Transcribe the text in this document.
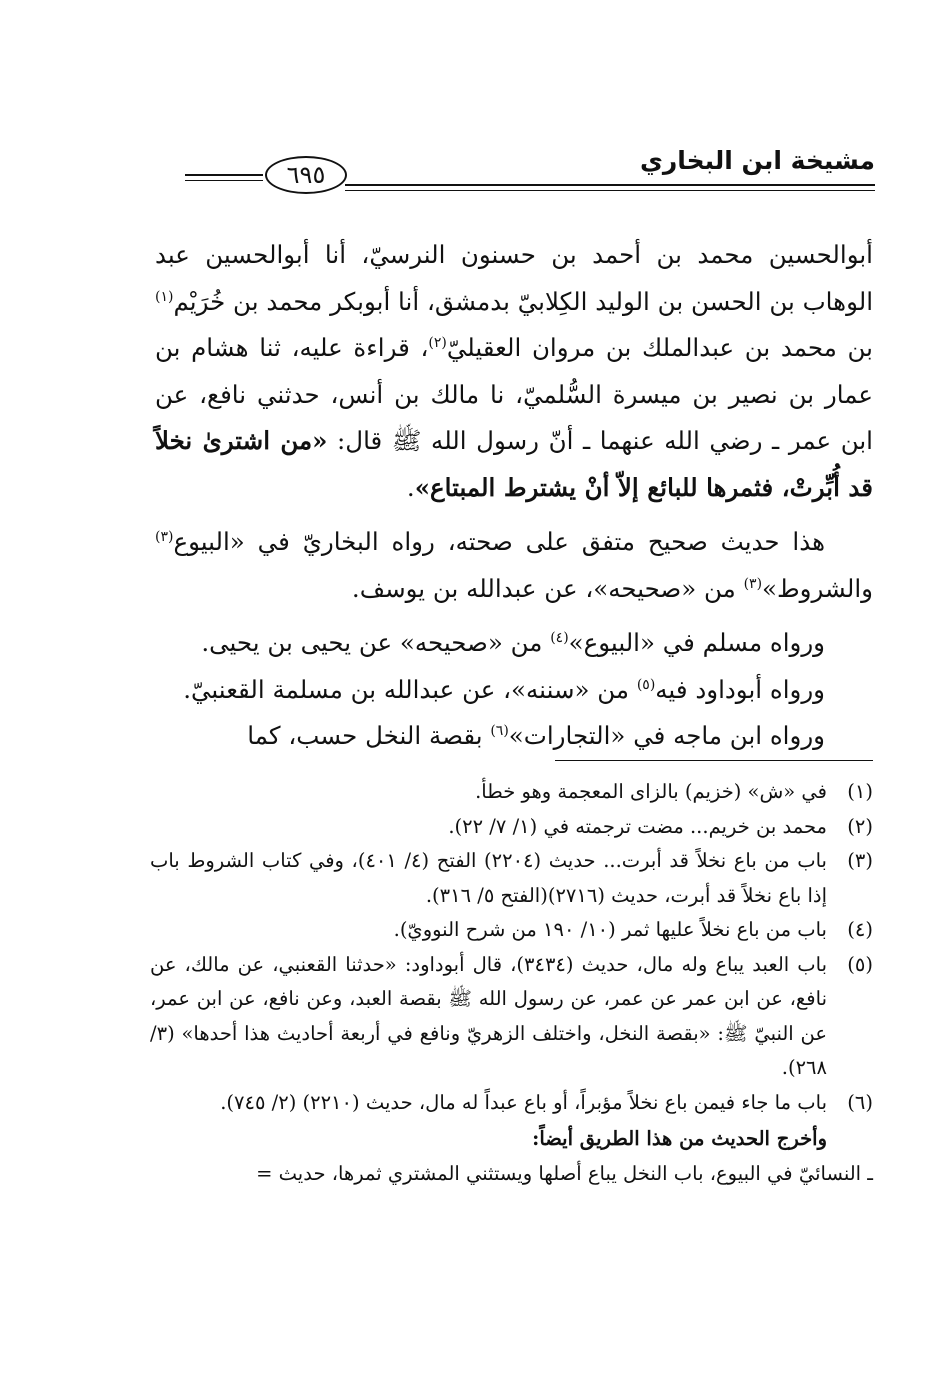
مشيخة ابن البخاري
٦٩٥

أبوالحسين محمد بن أحمد بن حسنون النرسيّ، أنا أبوالحسين عبد الوهاب بن الحسن بن الوليد الكِلابيّ بدمشق، أنا أبوبكر محمد بن خُرَيْم$^{(١)}$ بن محمد بن عبدالملك بن مروان العقيليّ$^{(٢)}$، قراءة عليه، ثنا هشام بن عمار بن نصير بن ميسرة السُّلميّ، نا مالك بن أنس، حدثني نافع، عن ابن عمر ـ رضي الله عنهما ـ أنّ رسول الله ﷺ قال: «من اشترىٰ نخلاً قد أُبِّرتْ، فثمرها للبائع إلاّ أنْ يشترط المبتاع».

هذا حديث صحيح متفق على صحته، رواه البخاريّ في «البيوع$^{(٣)}$ والشروط»$^{(٣)}$ من «صحيحه»، عن عبدالله بن يوسف.

ورواه مسلم في «البيوع»$^{(٤)}$ من «صحيحه» عن يحيى بن يحيى.

ورواه أبوداود فيه$^{(٥)}$ من «سننه»، عن عبدالله بن مسلمة القعنبيّ.

ورواه ابن ماجه في «التجارات»$^{(٦)}$ بقصة النخل حسب، كما

(١)
في «ش» (خزيم) بالزاى المعجمة وهو خطأ.
(٢)
محمد بن خريم... مضت ترجمته في (١/ ٧/ ٢٢).
(٣)
باب من باع نخلاً قد أبرت... حديث (٢٢٠٤) الفتح (٤/ ٤٠١)، وفي كتاب الشروط باب إذا باع نخلاً قد أبرت، حديث (٢٧١٦)(الفتح ٥/ ٣١٦).
(٤)
باب من باع نخلاً عليها ثمر (١٠/ ١٩٠ من شرح النوويّ).
(٥)
باب العبد يباع وله مال، حديث (٣٤٣٤)، قال أبوداود: «حدثنا القعنبي، عن مالك، عن نافع، عن ابن عمر عن عمر، عن رسول الله ﷺ بقصة العبد، وعن نافع، عن ابن عمر، عن النبيّ ﷺ: «بقصة النخل، واختلف الزهريّ ونافع في أربعة أحاديث هذا أحدها» (٣/ ٢٦٨).
(٦)
باب ما جاء فيمن باع نخلاً مؤبراً، أو باع عبداً له مال، حديث (٢٢١٠) (٢/ ٧٤٥).
وأخرج الحديث من هذا الطريق أيضاً:
ـ النسائيّ في البيوع، باب النخل يباع أصلها ويستثني المشتري ثمرها، حديث =
